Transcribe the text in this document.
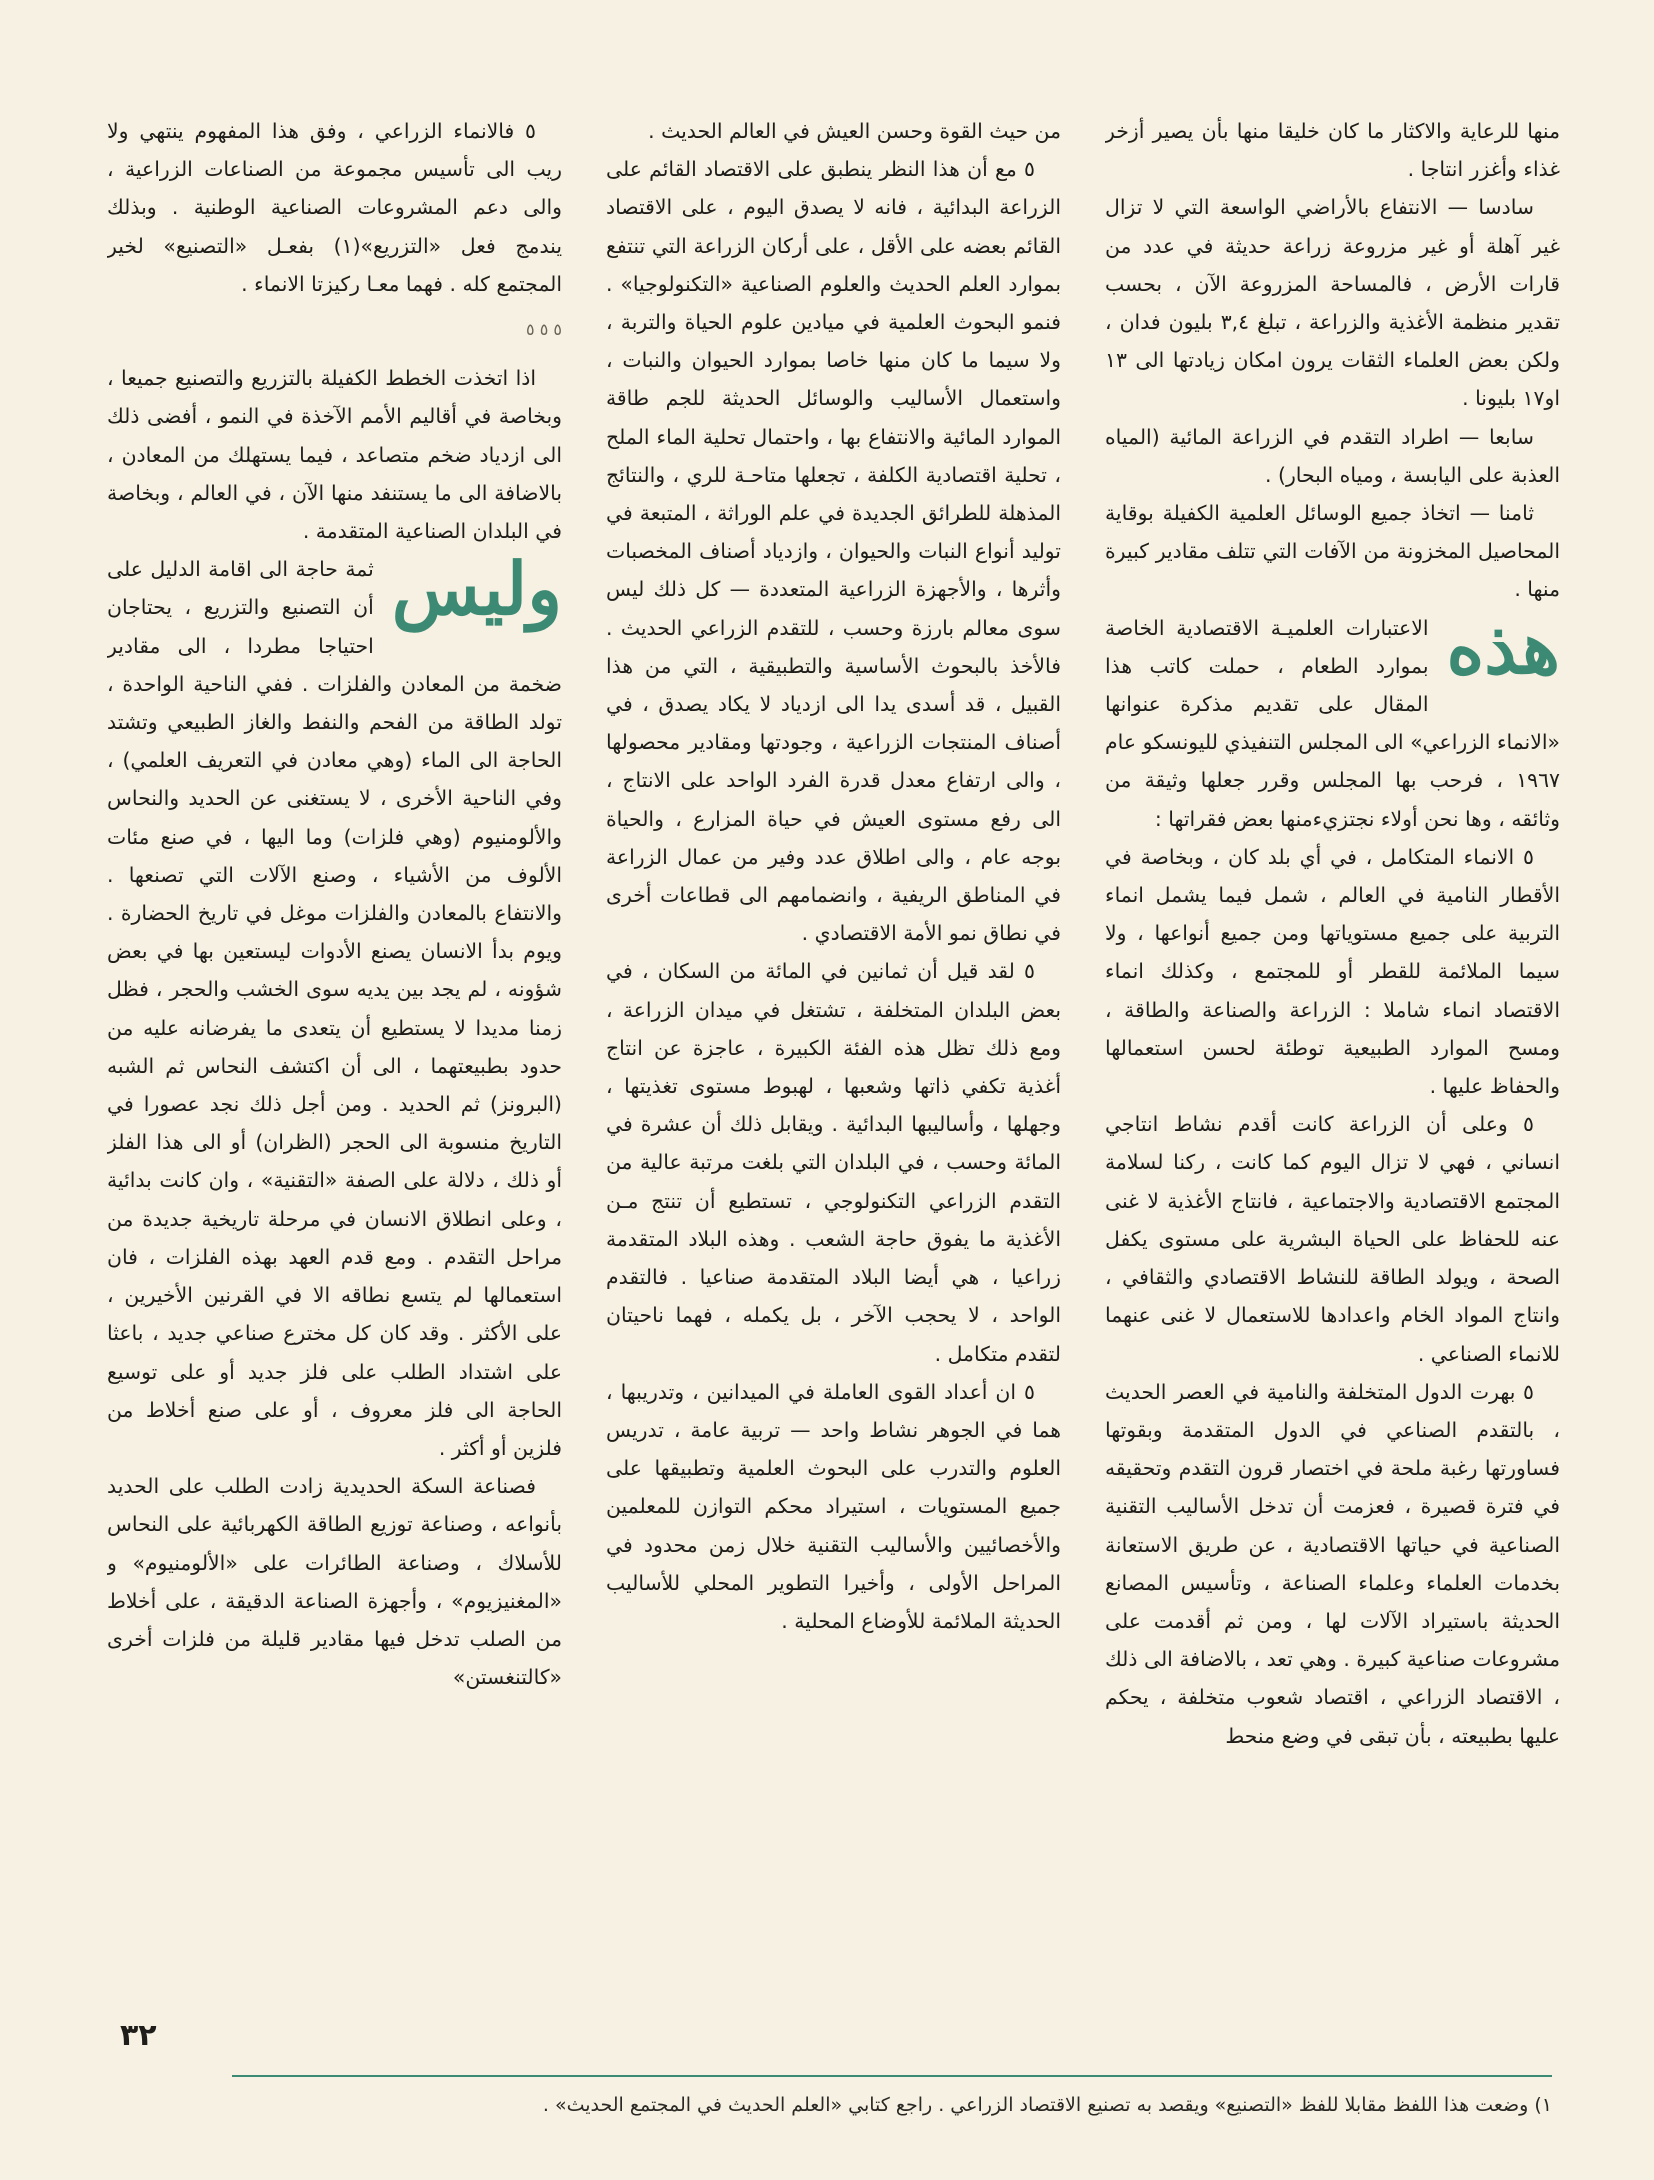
منها للرعاية والاكثار ما كان خليقا منها بأن يصير أزخر غذاء وأغزر انتاجا .

سادسا — الانتفاع بالأراضي الواسعة التي لا تزال غير آهلة أو غير مزروعة زراعة حديثة في عدد من قارات الأرض ، فالمساحة المزروعة الآن ، بحسب تقدير منظمة الأغذية والزراعة ، تبلغ ٣,٤ بليون فدان ، ولكن بعض العلماء الثقات يرون امكان زيادتها الى ١٣ او١٧ بليونا .

سابعا — اطراد التقدم في الزراعة المائية (المياه العذبة على اليابسة ، ومياه البحار) .

ثامنا — اتخاذ جميع الوسائل العلمية الكفيلة بوقاية المحاصيل المخزونة من الآفات التي تتلف مقادير كبيرة منها .

هذه

الاعتبارات العلميـة الاقتصادية الخاصة بموارد الطعام ، حملت كاتب هذا المقال على تقديم مذكرة عنوانها «الانماء الزراعي» الى المجلس التنفيذي لليونسكو عام ١٩٦٧ ، فرحب بها المجلس وقرر جعلها وثيقة من وثائقه ، وها نحن أولاء نجتزيءمنها بعض فقراتها :

٥ الانماء المتكامل ، في أي بلد كان ، وبخاصة في الأقطار النامية في العالم ، شمل فيما يشمل انماء التربية على جميع مستوياتها ومن جميع أنواعها ، ولا سيما الملائمة للقطر أو للمجتمع ، وكذلك انماء الاقتصاد انماء شاملا : الزراعة والصناعة والطاقة ، ومسح الموارد الطبيعية توطئة لحسن استعمالها والحفاظ عليها .

٥ وعلى أن الزراعة كانت أقدم نشاط انتاجي انساني ، فهي لا تزال اليوم كما كانت ، ركنا لسلامة المجتمع الاقتصادية والاجتماعية ، فانتاج الأغذية لا غنى عنه للحفاظ على الحياة البشرية على مستوى يكفل الصحة ، ويولد الطاقة للنشاط الاقتصادي والثقافي ، وانتاج المواد الخام واعدادها للاستعمال لا غنى عنهما للانماء الصناعي .

٥ بهرت الدول المتخلفة والنامية في العصر الحديث ، بالتقدم الصناعي في الدول المتقدمة وبقوتها فساورتها رغبة ملحة في اختصار قرون التقدم وتحقيقه في فترة قصيرة ، فعزمت أن تدخل الأساليب التقنية الصناعية في حياتها الاقتصادية ، عن طريق الاستعانة بخدمات العلماء وعلماء الصناعة ، وتأسيس المصانع الحديثة باستيراد الآلات لها ، ومن ثم أقدمت على مشروعات صناعية كبيرة . وهي تعد ، بالاضافة الى ذلك ، الاقتصاد الزراعي ، اقتصاد شعوب متخلفة ، يحكم عليها بطبيعته ، بأن تبقى في وضع منحط

من حيث القوة وحسن العيش في العالم الحديث .

٥ مع أن هذا النظر ينطبق على الاقتصاد القائم على الزراعة البدائية ، فانه لا يصدق اليوم ، على الاقتصاد القائم بعضه على الأقل ، على أركان الزراعة التي تنتفع بموارد العلم الحديث والعلوم الصناعية «التكنولوجيا» . فنمو البحوث العلمية في ميادين علوم الحياة والتربة ، ولا سيما ما كان منها خاصا بموارد الحيوان والنبات ، واستعمال الأساليب والوسائل الحديثة للجم طاقة الموارد المائية والانتفاع بها ، واحتمال تحلية الماء الملح ، تحلية اقتصادية الكلفة ، تجعلها متاحـة للري ، والنتائج المذهلة للطرائق الجديدة في علم الوراثة ، المتبعة في توليد أنواع النبات والحيوان ، وازدياد أصناف المخصبات وأثرها ، والأجهزة الزراعية المتعددة — كل ذلك ليس سوى معالم بارزة وحسب ، للتقدم الزراعي الحديث . فالأخذ بالبحوث الأساسية والتطبيقية ، التي من هذا القبيل ، قد أسدى يدا الى ازدياد لا يكاد يصدق ، في أصناف المنتجات الزراعية ، وجودتها ومقادير محصولها ، والى ارتفاع معدل قدرة الفرد الواحد على الانتاج ، الى رفع مستوى العيش في حياة المزارع ، والحياة بوجه عام ، والى اطلاق عدد وفير من عمال الزراعة في المناطق الريفية ، وانضمامهم الى قطاعات أخرى في نطاق نمو الأمة الاقتصادي .

٥ لقد قيل أن ثمانين في المائة من السكان ، في بعض البلدان المتخلفة ، تشتغل في ميدان الزراعة ، ومع ذلك تظل هذه الفئة الكبيرة ، عاجزة عن انتاج أغذية تكفي ذاتها وشعبها ، لهبوط مستوى تغذيتها ، وجهلها ، وأساليبها البدائية . ويقابل ذلك أن عشرة في المائة وحسب ، في البلدان التي بلغت مرتبة عالية من التقدم الزراعي التكنولوجي ، تستطيع أن تنتج مـن الأغذية ما يفوق حاجة الشعب . وهذه البلاد المتقدمة زراعيا ، هي أيضا البلاد المتقدمة صناعيا . فالتقدم الواحد ، لا يحجب الآخر ، بل يكمله ، فهما ناحيتان لتقدم متكامل .

٥ ان أعداد القوى العاملة في الميدانين ، وتدريبها ، هما في الجوهر نشاط واحد — تربية عامة ، تدريس العلوم والتدرب على البحوث العلمية وتطبيقها على جميع المستويات ، استيراد محكم التوازن للمعلمين والأخصائيين والأساليب التقنية خلال زمن محدود في المراحل الأولى ، وأخيرا التطوير المحلي للأساليب الحديثة الملائمة للأوضاع المحلية .

٥ فالانماء الزراعي ، وفق هذا المفهوم ينتهي ولا ريب الى تأسيس مجموعة من الصناعات الزراعية ، والى دعم المشروعات الصناعية الوطنية . وبذلك يندمج فعل «التزريع»(١) بفعـل «التصنيع» لخير المجتمع كله . فهما معـا ركيزتا الانماء .

٥ ٥ ٥

اذا اتخذت الخطط الكفيلة بالتزريع والتصنيع جميعا ، وبخاصة في أقاليم الأمم الآخذة في النمو ، أفضى ذلك الى ازدياد ضخم متصاعد ، فيما يستهلك من المعادن ، بالاضافة الى ما يستنفد منها الآن ، في العالم ، وبخاصة في البلدان الصناعية المتقدمة .

وليس

ثمة حاجة الى اقامة الدليل على أن التصنيع والتزريع ، يحتاجان احتياجا مطردا ، الى مقادير ضخمة من المعادن والفلزات . ففي الناحية الواحدة ، تولد الطاقة من الفحم والنفط والغاز الطبيعي وتشتد الحاجة الى الماء (وهي معادن في التعريف العلمي) ، وفي الناحية الأخرى ، لا يستغنى عن الحديد والنحاس والألومنيوم (وهي فلزات) وما اليها ، في صنع مئات الألوف من الأشياء ، وصنع الآلات التي تصنعها . والانتفاع بالمعادن والفلزات موغل في تاريخ الحضارة . ويوم بدأ الانسان يصنع الأدوات ليستعين بها في بعض شؤونه ، لم يجد بين يديه سوى الخشب والحجر ، فظل زمنا مديدا لا يستطيع أن يتعدى ما يفرضانه عليه من حدود بطبيعتهما ، الى أن اكتشف النحاس ثم الشبه (البرونز) ثم الحديد . ومن أجل ذلك نجد عصورا في التاريخ منسوبة الى الحجر (الظران) أو الى هذا الفلز أو ذلك ، دلالة على الصفة «التقنية» ، وان كانت بدائية ، وعلى انطلاق الانسان في مرحلة تاريخية جديدة من مراحل التقدم . ومع قدم العهد بهذه الفلزات ، فان استعمالها لم يتسع نطاقه الا في القرنين الأخيرين ، على الأكثر . وقد كان كل مخترع صناعي جديد ، باعثا على اشتداد الطلب على فلز جديد أو على توسيع الحاجة الى فلز معروف ، أو على صنع أخلاط من فلزين أو أكثر .

فصناعة السكة الحديدية زادت الطلب على الحديد بأنواعه ، وصناعة توزيع الطاقة الكهربائية على النحاس للأسلاك ، وصناعة الطائرات على «الألومنيوم» و «المغنيزيوم» ، وأجهزة الصناعة الدقيقة ، على أخلاط من الصلب تدخل فيها مقادير قليلة من فلزات أخرى «كالتنغستن»

٣٢
١) وضعت هذا اللفظ مقابلا للفظ «التصنيع» ويقصد به تصنيع الاقتصاد الزراعي . راجع كتابي «العلم الحديث في المجتمع الحديث» .
